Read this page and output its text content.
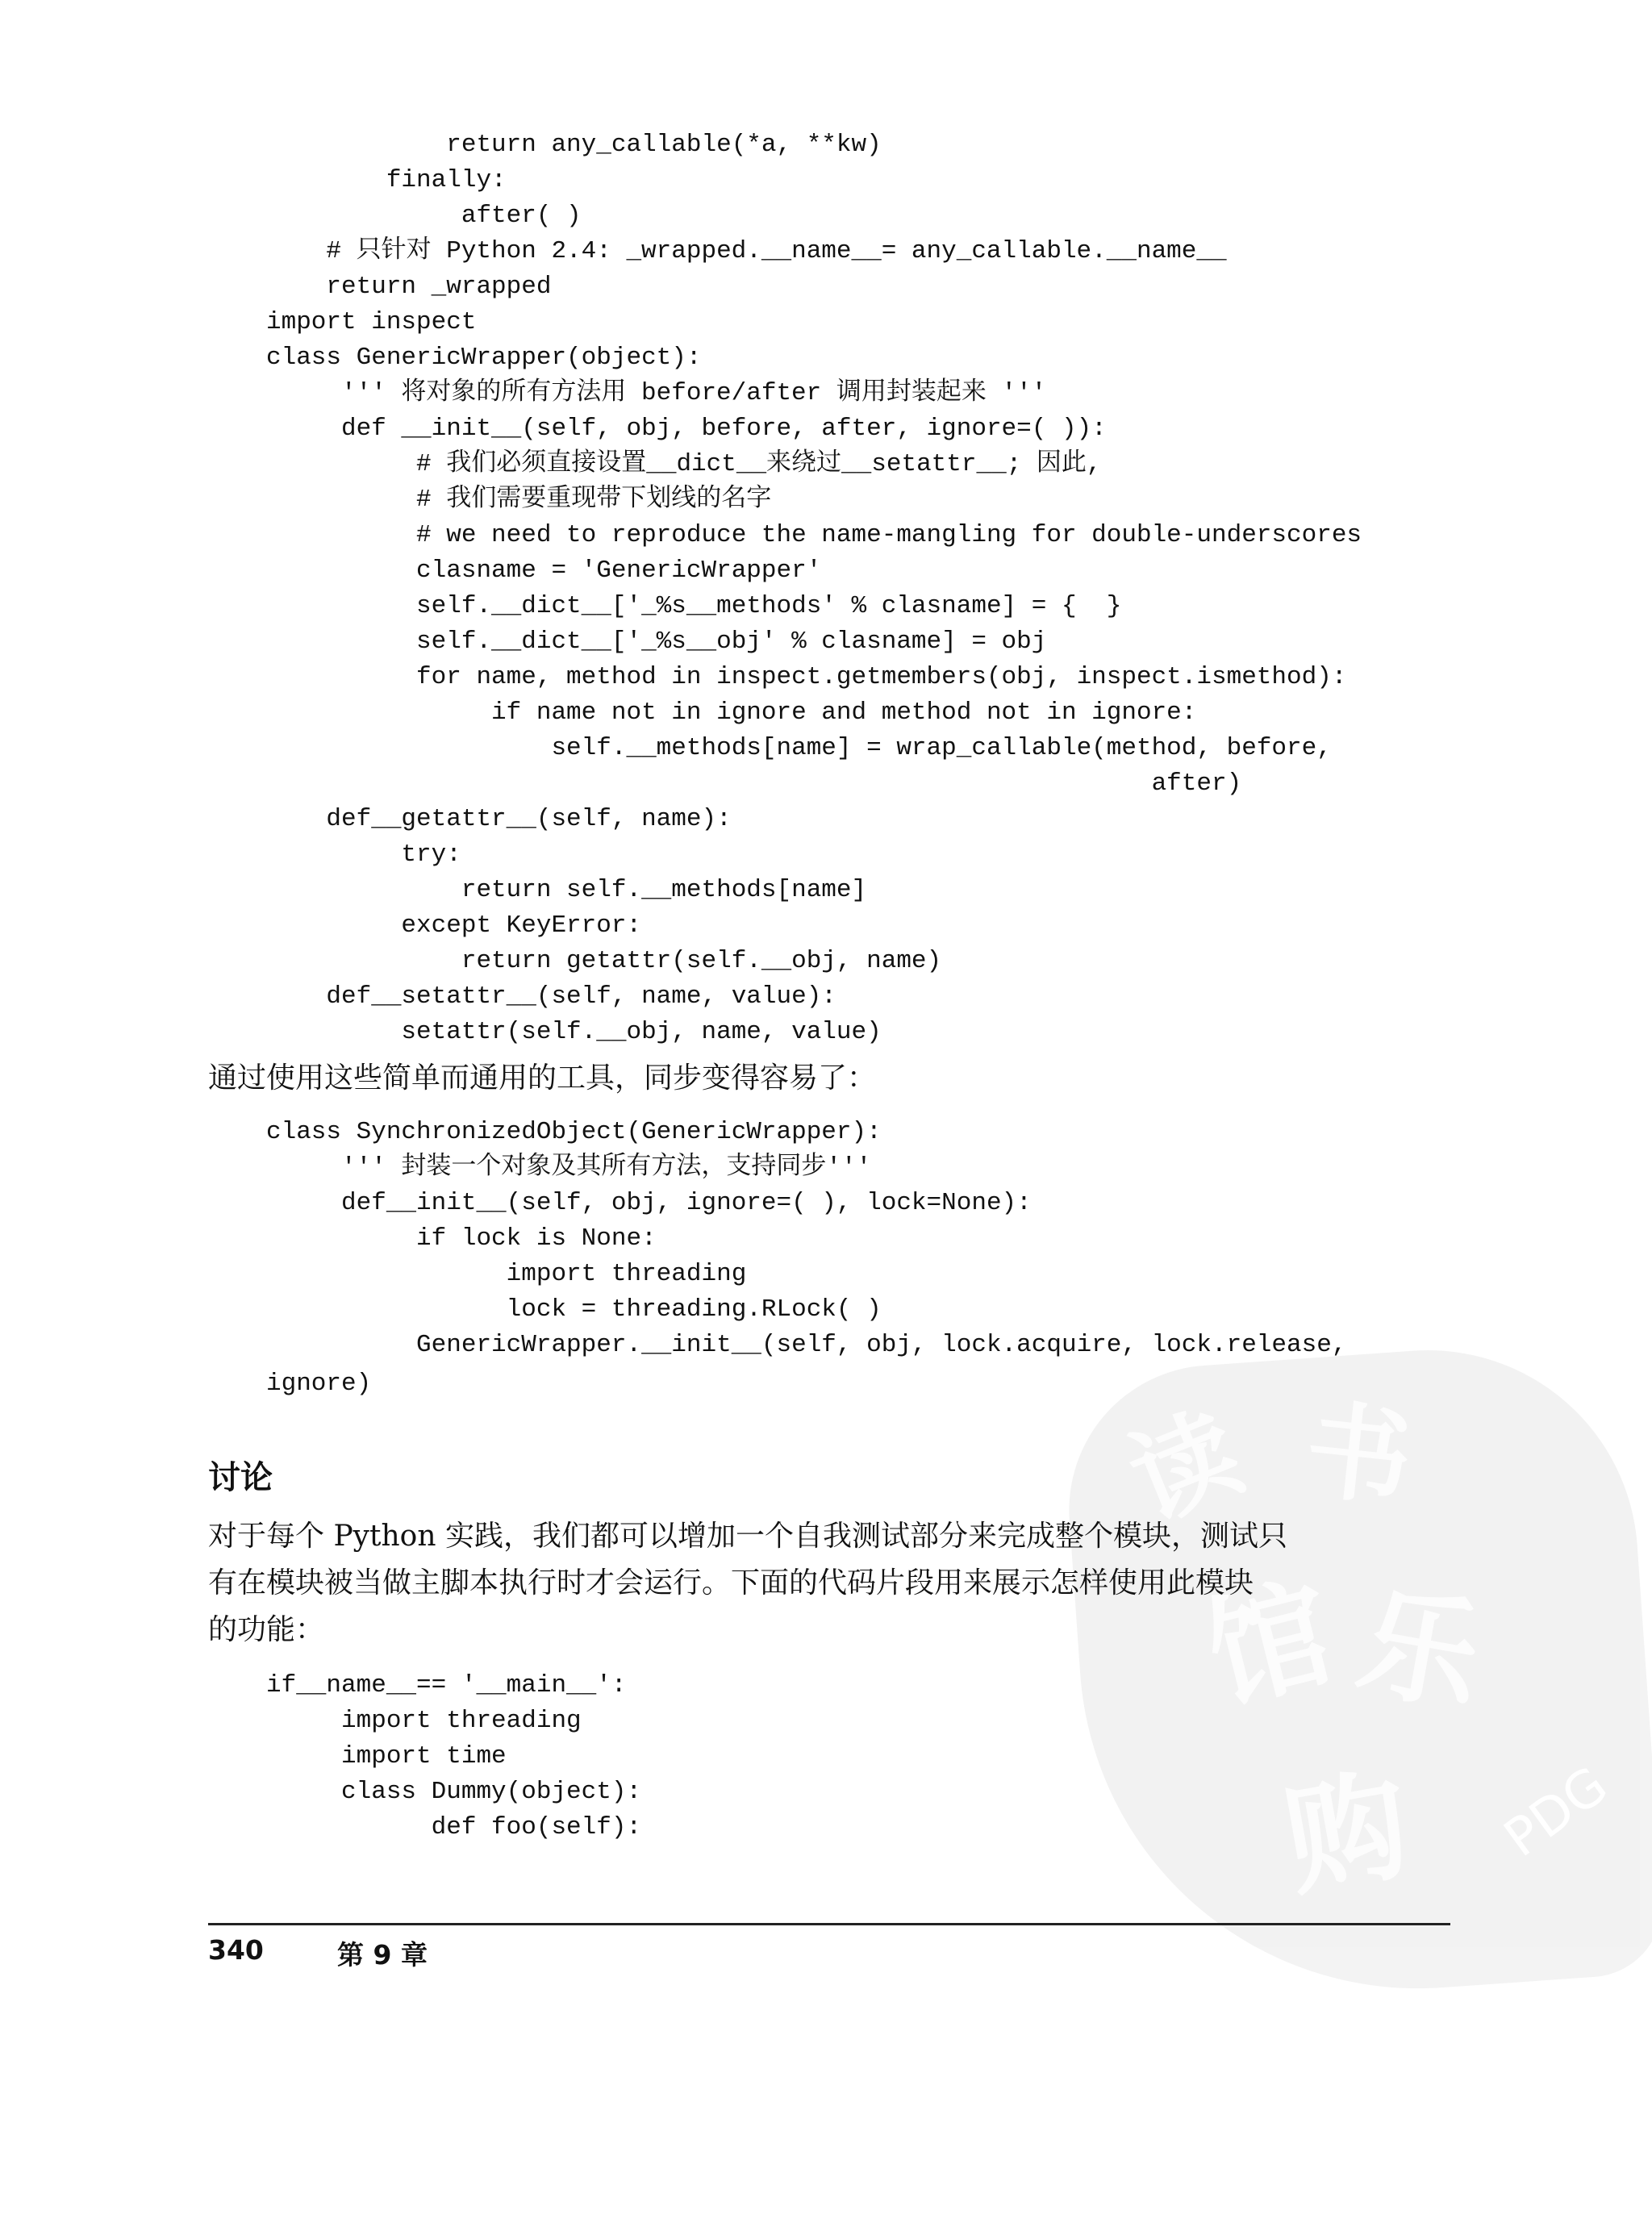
读 书
馆 乐
购 PDG
return any_callable(*a, **kw)
finally:
after( )
# 只针对 Python 2.4: _wrapped.__name__= any_callable.__name__
return _wrapped
import inspect
class GenericWrapper(object):
''' 将对象的所有方法用 before/after 调用封装起来 '''
def __init__(self, obj, before, after, ignore=( )):
# 我们必须直接设置__dict__来绕过__setattr__; 因此,
# 我们需要重现带下划线的名字
# we need to reproduce the name-mangling for double-underscores
clasname = 'GenericWrapper'
self.__dict__['_%s__methods' % clasname] = {  }
self.__dict__['_%s__obj' % clasname] = obj
for name, method in inspect.getmembers(obj, inspect.ismethod):
if name not in ignore and method not in ignore:
self.__methods[name] = wrap_callable(method, before,
after)
def__getattr__(self, name):
try:
return self.__methods[name]
except KeyError:
return getattr(self.__obj, name)
def__setattr__(self, name, value):
setattr(self.__obj, name, value)

通过使用这些简单而通用的工具，同步变得容易了：

class SynchronizedObject(GenericWrapper):
''' 封装一个对象及其所有方法，支持同步'''
def__init__(self, obj, ignore=( ), lock=None):
if lock is None:
import threading
lock = threading.RLock( )
GenericWrapper.__init__(self, obj, lock.acquire, lock.release,
ignore)
讨论

对于每个 Python 实践，我们都可以增加一个自我测试部分来完成整个模块，测试只

有在模块被当做主脚本执行时才会运行。下面的代码片段用来展示怎样使用此模块

的功能：

if__name__== '__main__':
import threading
import time
class Dummy(object):
def foo(self):
340	第 9 章
